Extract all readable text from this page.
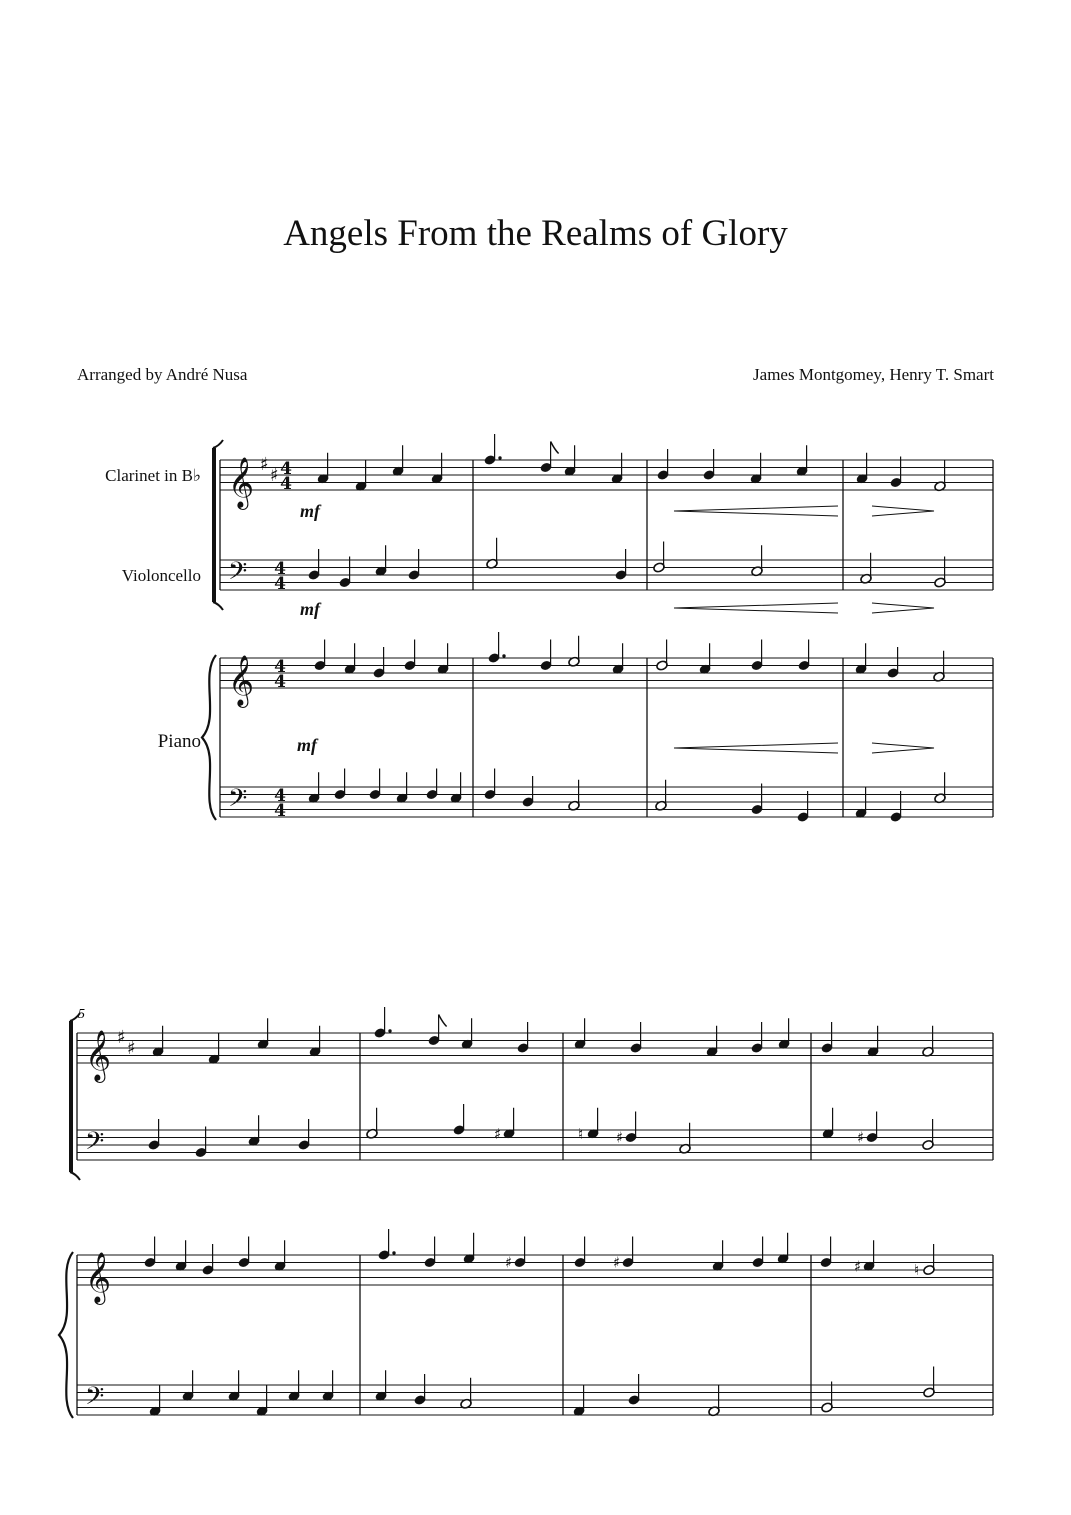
Angels From the Realms of Glory
Arranged by André Nusa	James Montgomey, Henry T. Smart
Clarinet in B♭
Violoncello
Piano
𝄞
𝄢
𝄞
𝄢
𝄞
𝄢
𝄞
𝄢
♯
♯
♯
♯
4
4
4
4
4
4
4
4
♯	♮ ♯	♯
♯	♯	♯	♮
mf
mf
mf
5
